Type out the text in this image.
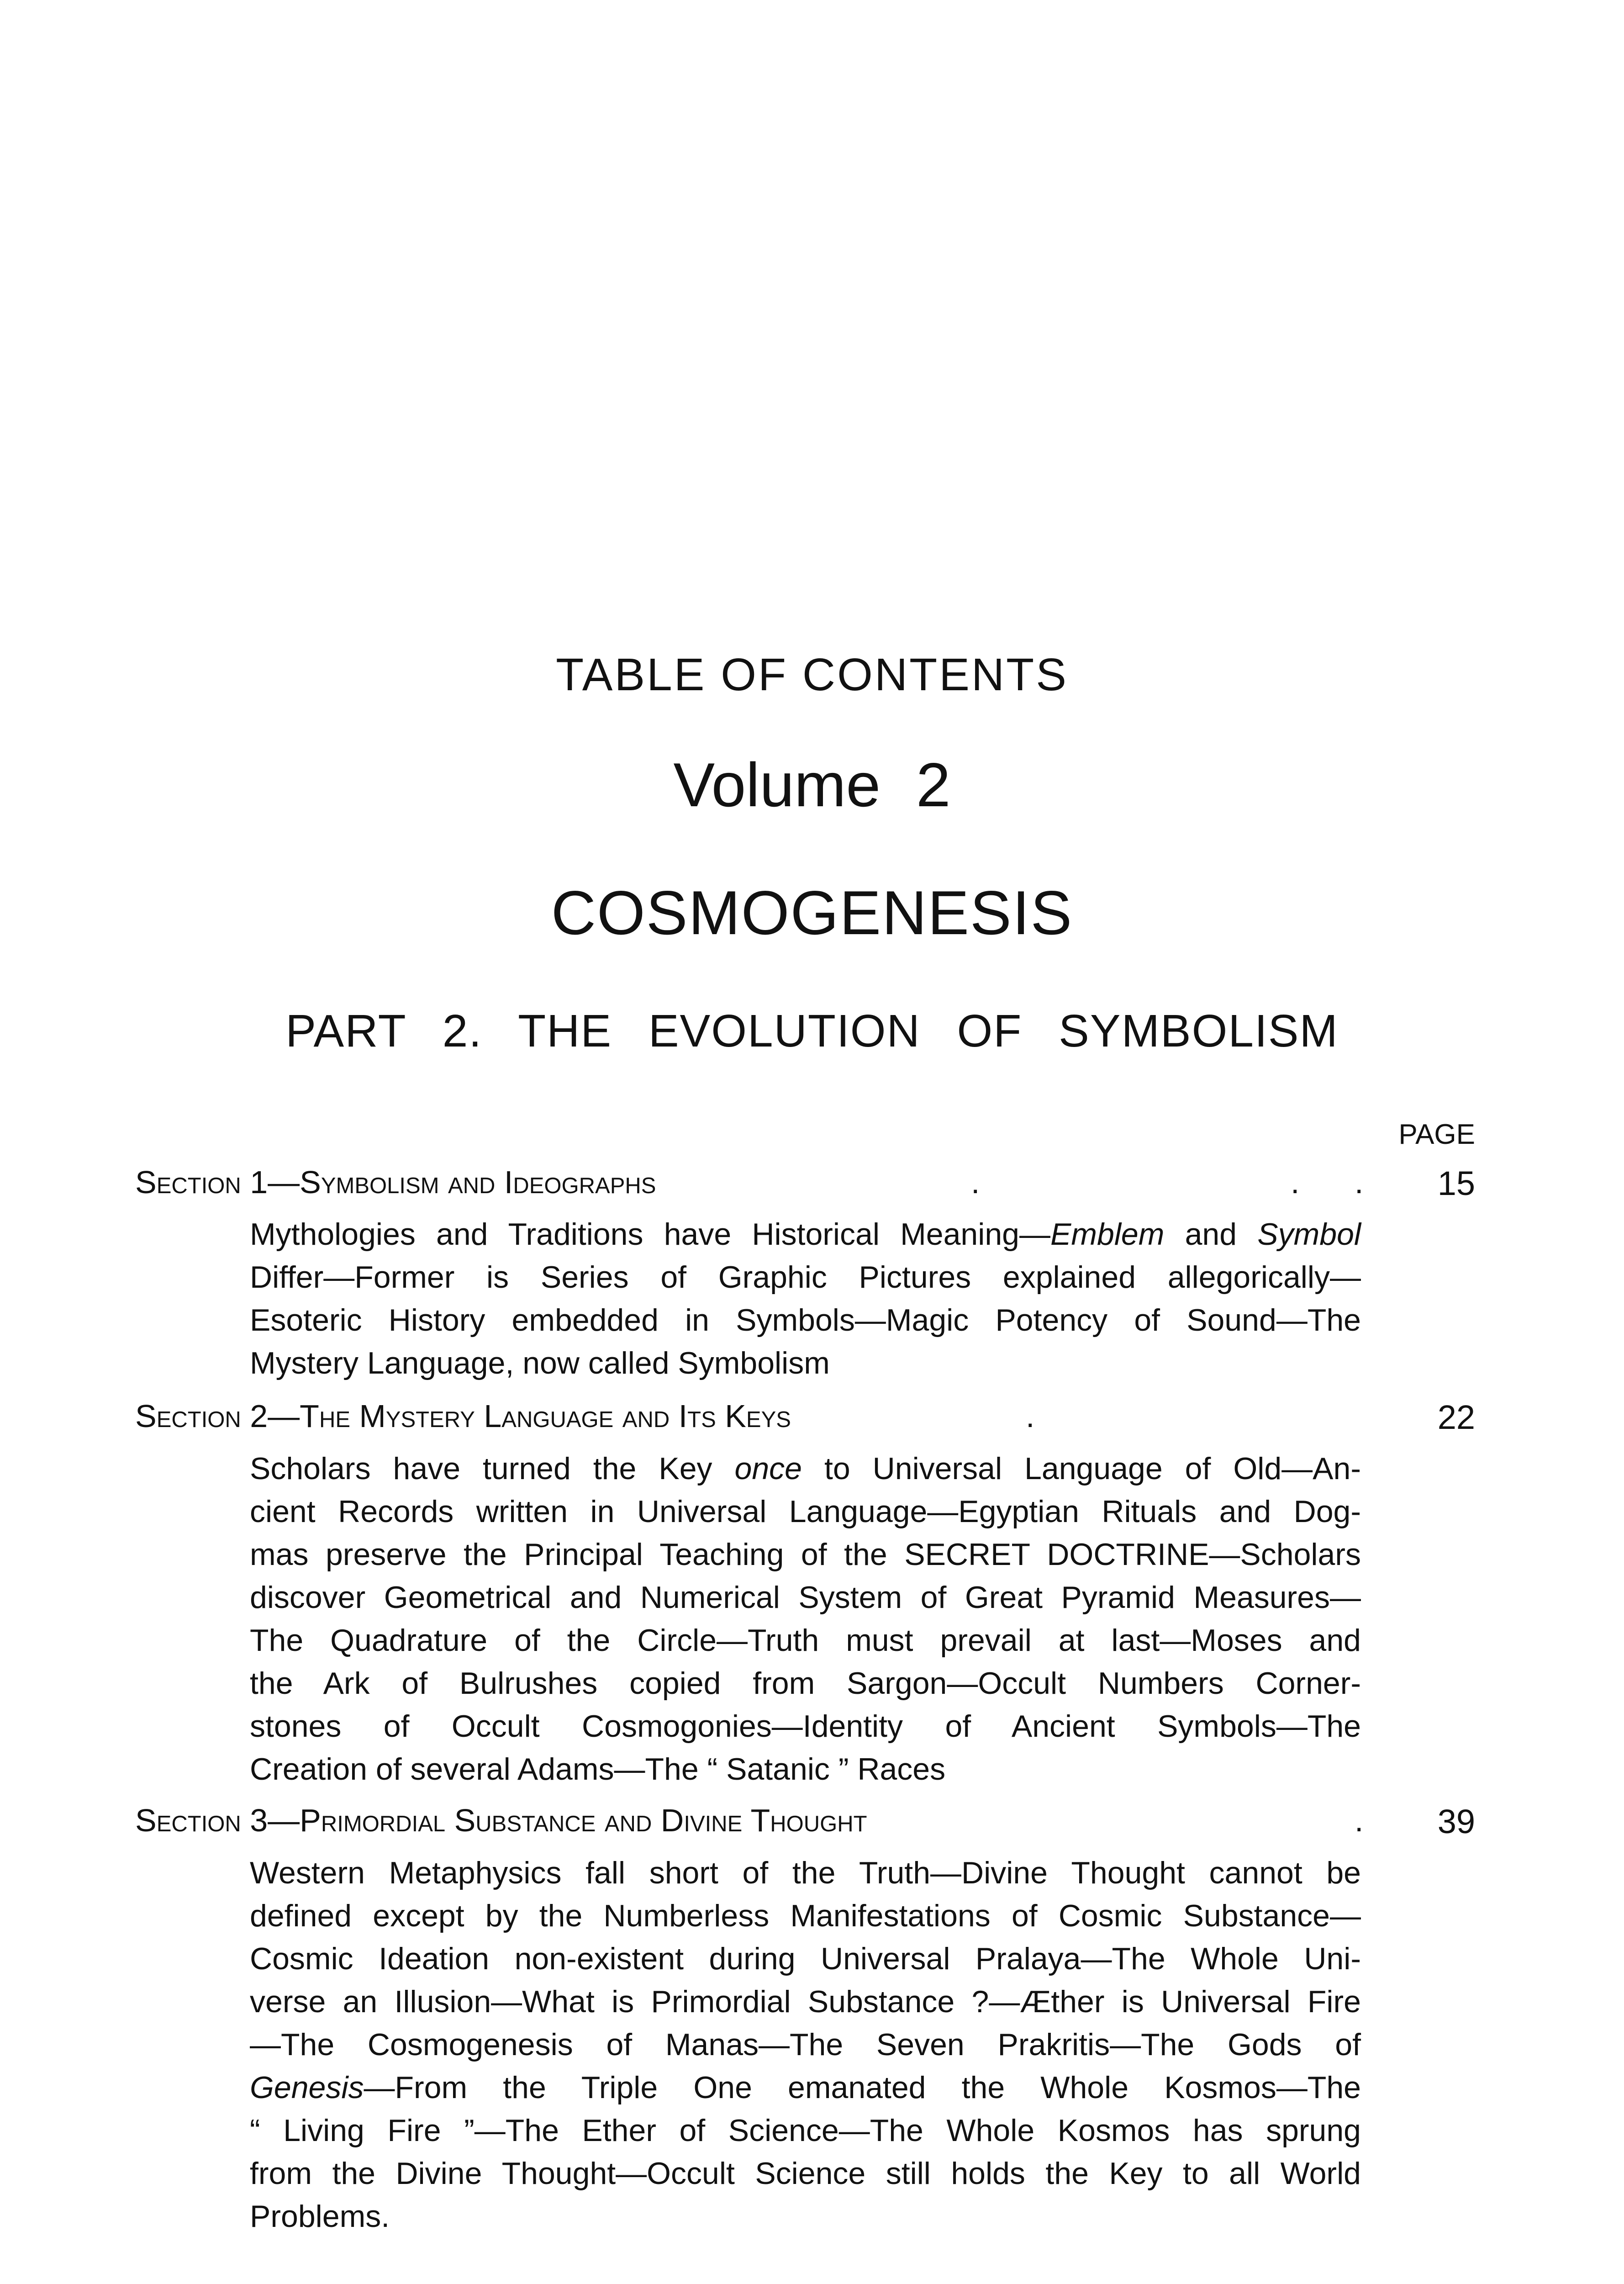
TABLE OF CONTENTS
Volume 2
COSMOGENESIS
PART 2. THE EVOLUTION OF SYMBOLISM
PAGE
Section 1—Symbolism and Ideographs	.	. . 15
Mythologies and Traditions have Historical Meaning—Emblem and Symbol
Differ—Former is Series of Graphic Pictures explained allegorically—
Esoteric History embedded in Symbols—Magic Potency of Sound—The
Mystery Language, now called Symbolism
Section 2—The Mystery Language and Its Keys	.	22
Scholars have turned the Key once to Universal Language of Old—An-
cient Records written in Universal Language—Egyptian Rituals and Dog-
mas preserve the Principal Teaching of the SECRET DOCTRINE—Scholars
discover Geometrical and Numerical System of Great Pyramid Measures—
The Quadrature of the Circle—Truth must prevail at last—Moses and
the Ark of Bulrushes copied from Sargon—Occult Numbers Corner-
stones of Occult Cosmogonies—Identity of Ancient Symbols—The
Creation of several Adams—The “ Satanic ” Races
Section 3—Primordial Substance and Divine Thought	. 39
Western Metaphysics fall short of the Truth—Divine Thought cannot be
defined except by the Numberless Manifestations of Cosmic Substance—
Cosmic Ideation non-existent during Universal Pralaya—The Whole Uni-
verse an Illusion—What is Primordial Substance ?—Æther is Universal Fire
—The Cosmogenesis of Manas—The Seven Prakritis—The Gods of
Genesis—From the Triple One emanated the Whole Kosmos—The
“ Living Fire ”—The Ether of Science—The Whole Kosmos has sprung
from the Divine Thought—Occult Science still holds the Key to all World
Problems.
